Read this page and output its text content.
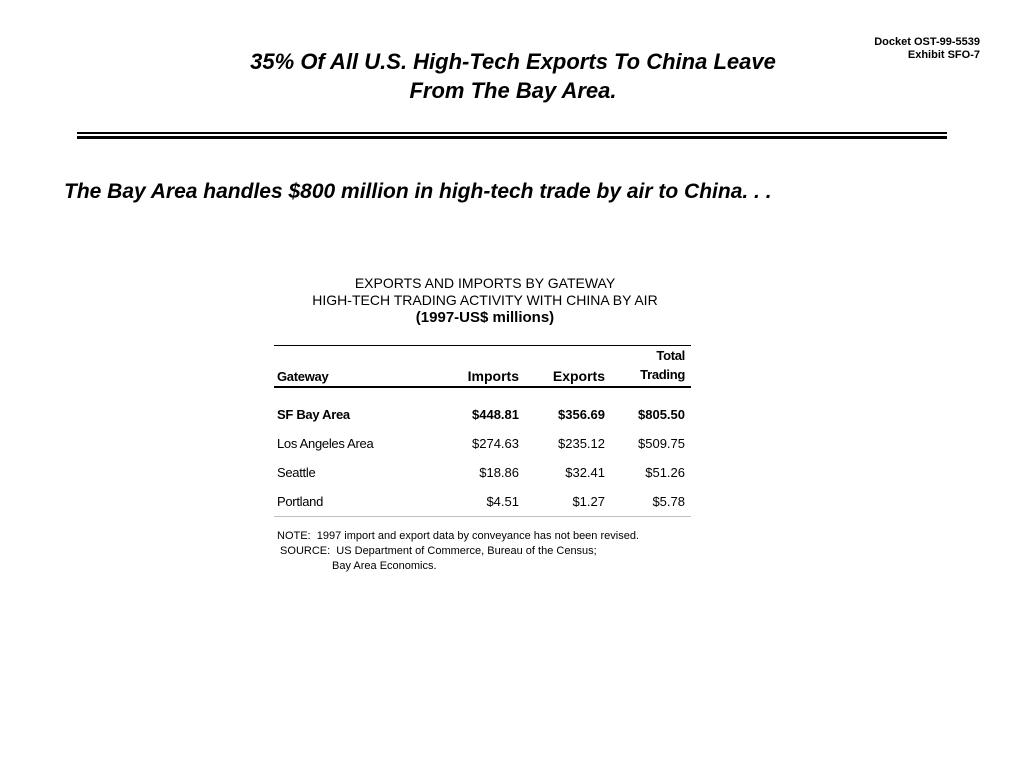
Docket OST-99-5539
Exhibit SFO-7
35% Of All U.S. High-Tech Exports To China Leave
From The Bay Area.
The Bay Area handles $800 million in high-tech trade by air to China. . .
EXPORTS AND IMPORTS BY GATEWAY
HIGH-TECH TRADING ACTIVITY WITH CHINA BY AIR
(1997-US$ millions)
Gateway	Imports	Exports	Total
Trading

SF Bay Area	$448.81	$356.69	$805.50
Los Angeles Area	$274.63	$235.12	$509.75
Seattle	$18.86	$32.41	$51.26
Portland	$4.51	$1.27	$5.78
NOTE:  1997 import and export data by conveyance has not been revised.
SOURCE:  US Department of Commerce, Bureau of the Census;
Bay Area Economics.
